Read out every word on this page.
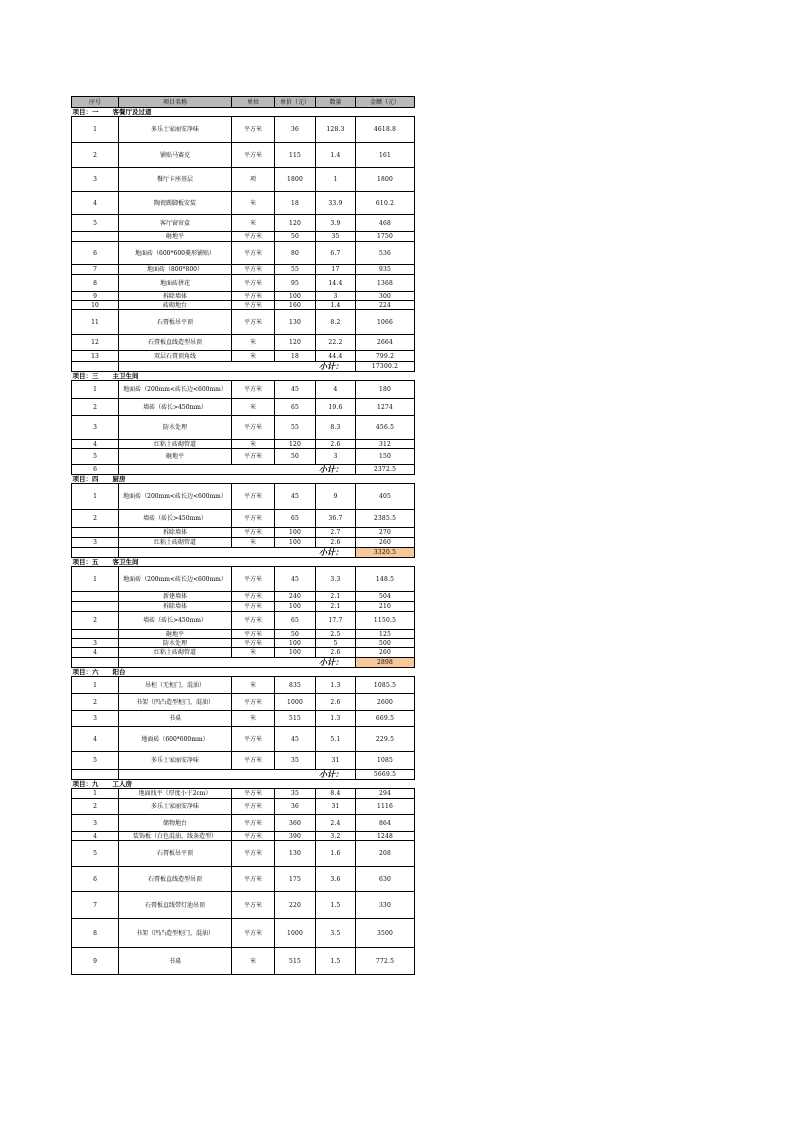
序号	项目名称	单位	单价（元）	数量	金额（元）
项目：一 客餐厅及过道					
1	多乐士家丽安净味	平方米	36	128.3	4618.8
2	铺贴马赛克	平方米	115	1.4	161
3	餐厅卡座基层	项	1800	1	1800
4	陶瓷踢脚板安装	米	18	33.9	610.2
5	客厅窗帘盒	米	120	3.9	468
	砸地平	平方米	50	35	1750
6	地面砖（600*600菱形铺贴）	平方米	80	6.7	536
7	地面砖（800*800）	平方米	55	17	935
8	地面砖拼花	平方米	95	14.4	1368
9	拆除墙体	平方米	100	3	300
10	砖砌地台	平方米	160	1.4	224
11	石膏板吊平顶	平方米	130	8.2	1066
12	石膏板直线造型吊顶	米	120	22.2	2664
13	双层石膏顶角线	米	18	44.4	799.2
	小计：				17300.2
项目：三 主卫生间					
1	地面砖（200mm<砖长边<600mm）	平方米	45	4	180
2	墙砖（砖长>450mm）	米	65	19.6	1274
3	防水处理	平方米	55	8.3	456.5
4	红粘土砖砌管道	米	120	2.6	312
5	砸地平	平方米	50	3	150
6	小计：				2372.5
项目：四 厨房					
1	地面砖（200mm<砖长边<600mm）	平方米	45	9	405
2	墙砖（砖长>450mm）	平方米	65	36.7	2385.5
	拆除墙体	平方米	100	2.7	270
3	红粘土砖砌管道	米	100	2.6	260
	小计：				3320.5
项目：五 客卫生间					
1	地面砖（200mm<砖长边<600mm）	平方米	45	3.3	148.5
	新建墙体	平方米	240	2.1	504
	拆除墙体	平方米	100	2.1	210
2	墙砖（砖长>450mm）	平方米	65	17.7	1150.5
	砸地平	平方米	50	2.5	125
3	防水处理	平方米	100	5	500
4	红粘土砖砌管道	米	100	2.6	260
	小计：				2898
项目：六 阳台					
1	吊柜（无柜门，混油）	米	835	1.3	1085.5
2	书架（凹凸造型柜门，混油）	平方米	1000	2.6	2600
3	书桌	米	515	1.3	669.5
4	地面砖（600*600mm）	平方米	45	5.1	229.5
5	多乐士家丽安净味	平方米	35	31	1085
	小计：				5669.5
项目：九 工人房					
1	地面找平（厚度小于2cm）	平方米	35	8.4	294
2	多乐士家丽安净味	平方米	36	31	1116
3	储物地台	平方米	360	2.4	864
4	装饰板（白色混油，线条造型）	平方米	390	3.2	1248
5	石膏板吊平顶	平方米	130	1.6	208
6	石膏板直线造型吊顶	平方米	175	3.6	630
7	石膏板直线带灯池吊顶	平方米	220	1.5	330
8	书架（凹凸造型柜门，混油）	平方米	1000	3.5	3500
9	书桌	米	515	1.5	772.5
